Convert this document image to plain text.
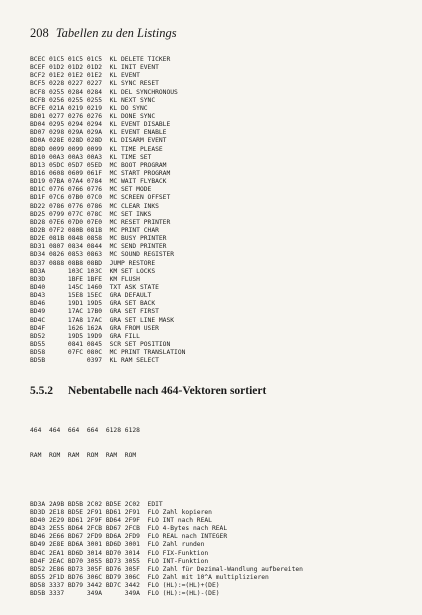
208 Tabellen zu den Listings
BCEC 01C5 01C5 01C5  KL DELETE TICKER
BCEF 01D2 01D2 01D2  KL INIT EVENT
BCF2 01E2 01E2 01E2  KL EVENT
BCF5 0228 0227 0227  KL SYNC RESET
BCF8 0255 0284 0284  KL DEL SYNCHRONOUS
BCFB 0256 0255 0255  KL NEXT SYNC
BCFE 021A 0219 0219  KL DO SYNC
BD01 0277 0276 0276  KL DONE SYNC
BD04 0295 0294 0294  KL EVENT DISABLE
BD07 0298 029A 029A  KL EVENT ENABLE
BD0A 028E 028D 028D  KL DISARM EVENT
BD0D 0099 0099 0099  KL TIME PLEASE
BD10 00A3 00A3 00A3  KL TIME SET
BD13 05DC 05D7 05ED  MC BOOT PROGRAM
BD16 0608 0609 061F  MC START PROGRAM
BD19 07BA 07A4 0784  MC WAIT FLYBACK
BD1C 0776 0766 0776  MC SET MODE
BD1F 07C6 07B0 07C0  MC SCREEN OFFSET
BD22 0786 0776 0786  MC CLEAR INKS
BD25 0799 077C 078C  MC SET INKS
BD28 07E6 07D0 07E0  MC RESET PRINTER
BD2B 07F2 080B 081B  MC PRINT CHAR
BD2E 081B 0848 0858  MC BUSY PRINTER
BD31 0807 0834 0844  MC SEND PRINTER
BD34 0826 0853 0863  MC SOUND REGISTER
BD37 0888 08B8 08BD  JUMP RESTORE
BD3A      103C 103C  KM SET LOCKS
BD3D      1BFE 1BFE  KM FLUSH
BD40      145C 1460  TXT ASK STATE
BD43      15E8 15EC  GRA DEFAULT
BD46      19D1 19D5  GRA SET BACK
BD49      17AC 17B0  GRA SET FIRST
BD4C      17A8 17AC  GRA SET LINE MASK
BD4F      1626 162A  GRA FROM USER
BD52      19D5 19D9  GRA FILL
BD55      0841 0845  SCR SET POSITION
BD58      07FC 080C  MC PRINT TRANSLATION
BD5B           0397  KL RAM SELECT
5.5.2 Nebentabelle nach 464-Vektoren sortiert

464  464  664  664  6128 6128

RAM  ROM  RAM  ROM  RAM  ROM

BD3A 2A9B BD5B 2C02 BD5E 2C02  EDIT
BD3D 2E18 BD5E 2F91 BD61 2F91  FLO Zahl kopieren
BD40 2E29 BD61 2F9F BD64 2F9F  FLO INT nach REAL
BD43 2E55 BD64 2FCB BD67 2FCB  FLO 4-Bytes nach REAL
BD46 2E66 BD67 2FD9 BD6A 2FD9  FLO REAL nach INTEGER
BD49 2E8E BD6A 3001 BD6D 3001  FLO Zahl runden
BD4C 2EA1 BD6D 3014 BD70 3014  FLO FIX-Funktion
BD4F 2EAC BD70 3055 BD73 3055  FLO INT-Funktion
BD52 2E86 BD73 305F BD76 305F  FLO Zahl für Dezimal-Wandlung aufbereiten
BD55 2F1D BD76 306C BD79 306C  FLO Zahl mit 10^A multiplizieren
BD58 3337 BD79 3442 BD7C 3442  FLO (HL):=(HL)+(DE)
BD5B 3337      349A      349A  FLO (HL):=(HL)-(DE)
